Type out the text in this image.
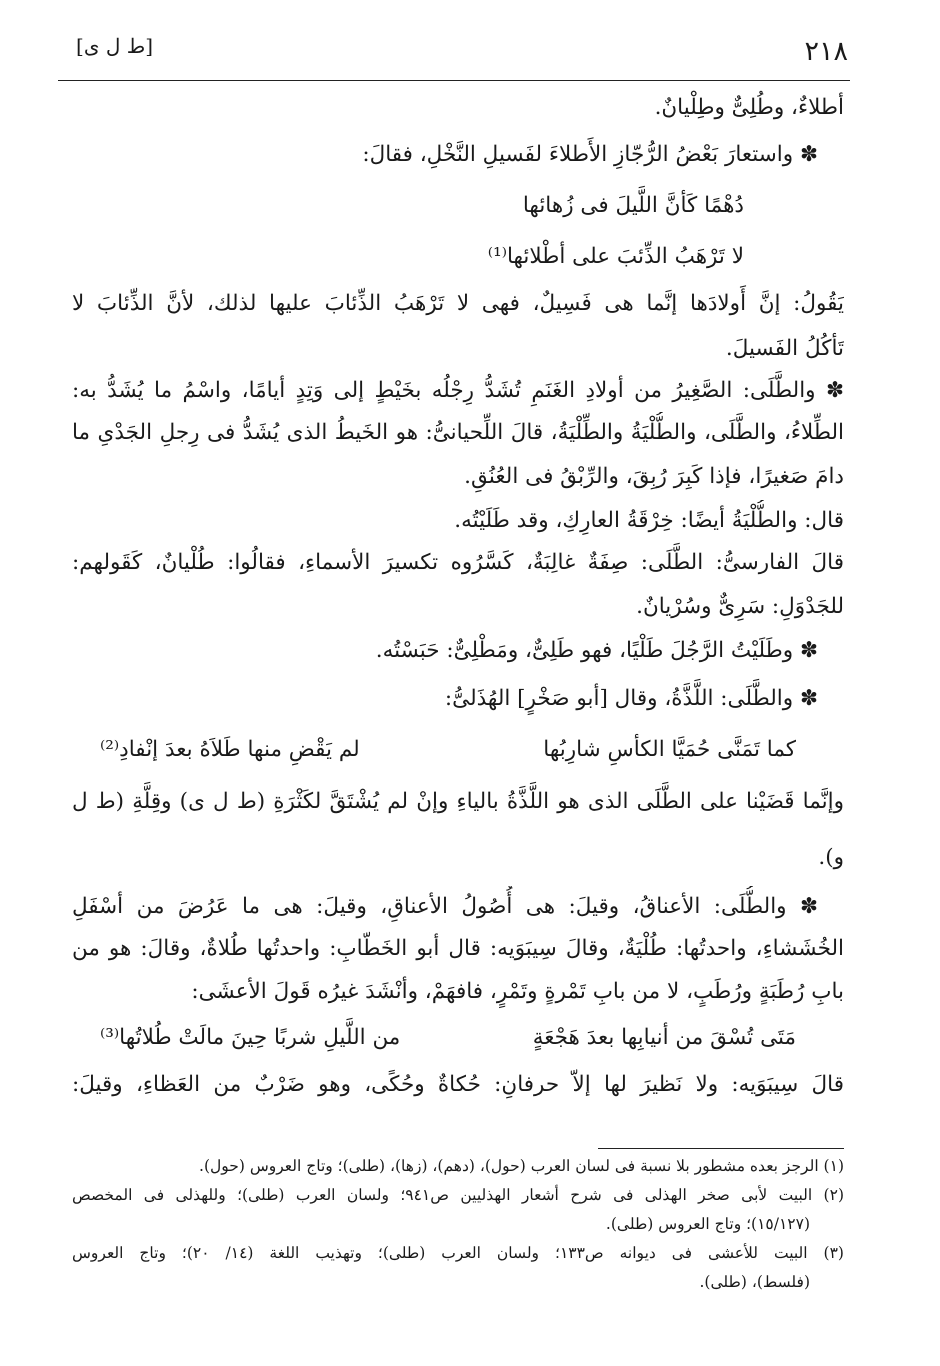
٢١٨
[ط ل ى]
أطلاءٌ، وطُلِىٌّ وطِلْيانٌ.
✽ واستعارَ بَعْضُ الرُّجّازِ الأَطلاءَ لفَسيلِ النَّخْلِ، فقالَ:
دُهْمًا كَأنَّ اللَّيلَ فى زُهائها
لا تَرْهَبُ الذِّئبَ على أطْلائها⁽¹⁾
يَقُولُ: إنَّ أَولادَها إنَّما هى فَسِيلٌ، فهى لا تَرْهَبُ الذِّئابَ عليها لذلك، لأنَّ الذِّئابَ لا
تَأكُلُ الفَسيلَ.
✽ والطَّلَى: الصَّغِيرُ من أولادِ الغَنَمِ تُشَدُّ رِجْلُه بخَيْطٍ إلى وَتِدٍ أيامًا، واسْمُ ما يُشَدُّ به:
الطِّلاءُ، والطَّلَى، والطُّلْيَةُ والطِّلْيَةُ، قالَ اللِّحيانىُّ: هو الخَيطُ الذى يُشَدُّ فى رِجلِ الجَدْىِ ما
دامَ صَغيرًا، فإذا كَبِرَ رُبِقَ، والرِّبْقُ فى العُنُقِ.
قال: والطُّلْيَةُ أيضًا: خِرْقَةُ العارِكِ، وقد طَلَيْتُه.
قالَ الفارسىُّ: الطَّلَى: صِفَةٌ غالِبَةٌ، كَسَّرُوه تكسيرَ الأسماءِ، فقالُوا: طُلْيانٌ، كَقَولهم:
للجَدْوَلِ: سَرِىٌّ وسُرْيانٌ.
✽ وطَلَيْتُ الرَّجُلَ طَلْيًا، فهو طَلِىٌّ، ومَطْلِىٌّ: حَبَسْتُه.
✽ والطَّلَى: اللَّذَّةُ، وقال [أبو صَخْرٍ] الهُذَلىُّ:
كما تَمَنَّى حُمَيَّا الكأسِ شارِبُها
لم يَقْضِ منها طَلاَهُ بعدَ إنْفادِ⁽²⁾
وإنَّما قَضَيْنا على الطَّلَى الذى هو اللَّذَّةُ بالياءِ وإنْ لم يُشْتَقَّ لكَثْرَةِ (ط ل ى) وقِلَّةِ (ط ل
و).
✽ والطُّلَى: الأعناقُ، وقيلَ: هى أُصُولُ الأعناقِ، وقيلَ: هى ما عَرُضَ من أسْفَلِ
الخُشَشاءِ، واحدتُها: طُلْيَةٌ، وقالَ سِيبَوَيه: قال أبو الخَطّابِ: واحدتُها طُلاةٌ، وقالَ: هو من
بابِ رُطَبَةٍ ورُطَبٍ، لا من بابِ تَمْرةٍ وتَمْرٍ، فافهَمْ، وأنْشَدَ غيرُه قَولَ الأعشَى:
مَتَى تُسْقَ من أنيابِها بعدَ هَجْعَةٍ
من اللَّيلِ شربًا حِينَ مالَتْ طُلاتُها⁽³⁾
قالَ سِيبَوَيه: ولا نَظيرَ لها إلاّ حرفانِ: حُكاةٌ وحُكًى، وهو ضَرْبٌ من العَظاءِ، وقيلَ:
(١) الرجز بعده مشطور بلا نسبة فى لسان العرب (حول)، (دهم)، (زها)، (طلى)؛ وتاج العروس (حول).
(٢) البيت لأبى صخر الهذلى فى شرح أشعار الهذليين ص٩٤١؛ ولسان العرب (طلى)؛ وللهذلى فى المخصص
(١٥/١٢٧)؛ وتاج العروس (طلى).
(٣) البيت للأعشى فى ديوانه ص١٣٣؛ ولسان العرب (طلى)؛ وتهذيب اللغة (١٤/ ٢٠)؛ وتاج العروس
(فلسط)، (طلى).
